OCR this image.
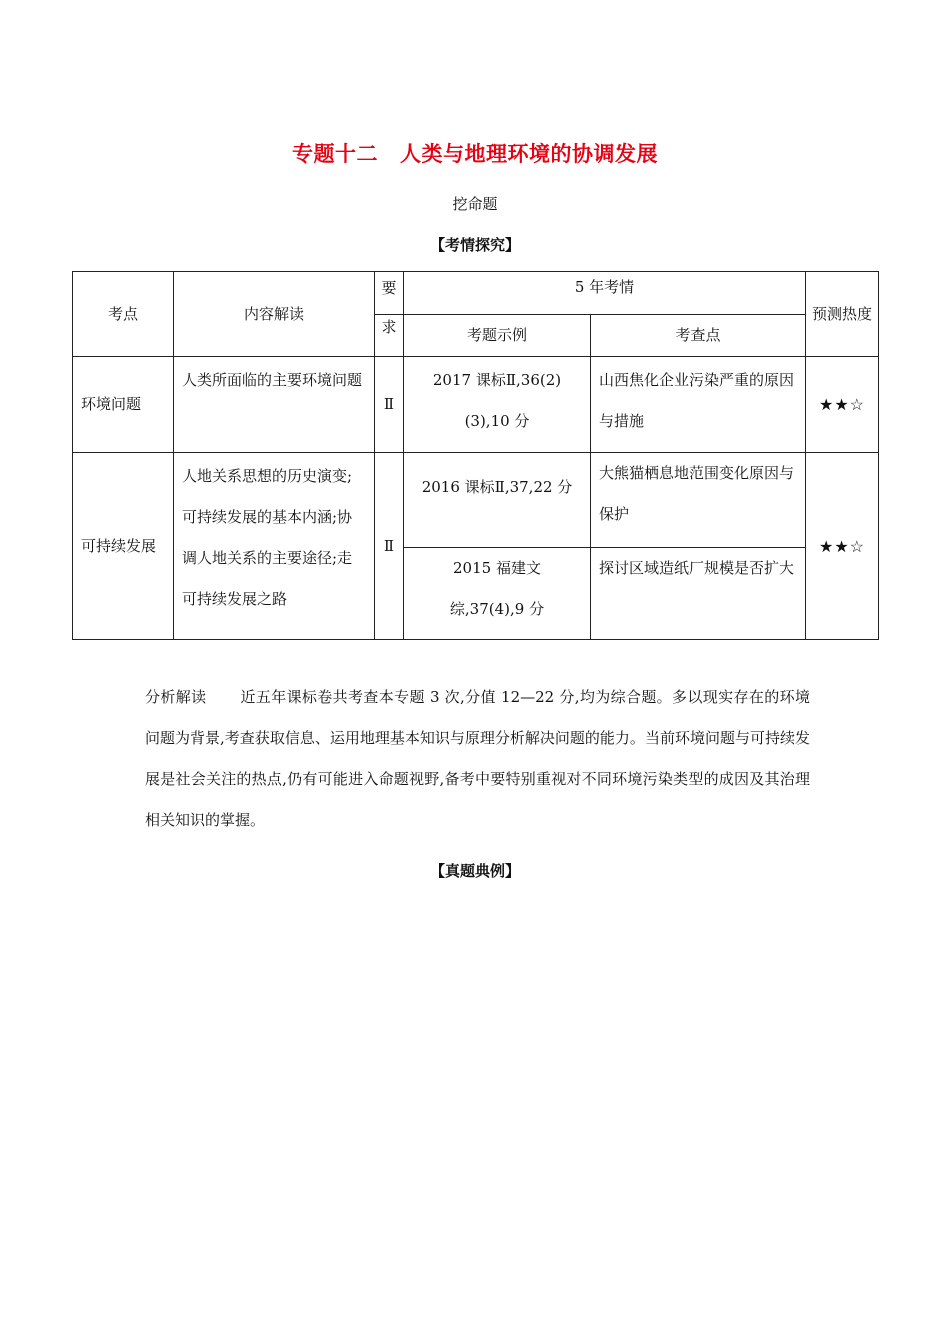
专题十二 人类与地理环境的协调发展
挖命题
【考情探究】
考点	内容解读	要	5 年考情		预测热度
		求	考题示例	考查点	
环境问题	人类所面临的主要环境问题	Ⅱ	2017 课标Ⅱ,36(2)(3),10 分	山西焦化企业污染严重的原因与措施	★★☆
可持续发展	人地关系思想的历史演变;可持续发展的基本内涵;协调人地关系的主要途径;走可持续发展之路	Ⅱ	2016 课标Ⅱ,37,22 分	大熊猫栖息地范围变化原因与保护	★★☆
			2015 福建文综,37(4),9 分	探讨区域造纸厂规模是否扩大	
分析解读 近五年课标卷共考查本专题 3 次,分值 12—22 分,均为综合题。多以现实存在的环境问题为背景,考查获取信息、运用地理基本知识与原理分析解决问题的能力。当前环境问题与可持续发展是社会关注的热点,仍有可能进入命题视野,备考中要特别重视对不同环境污染类型的成因及其治理相关知识的掌握。
【真题典例】
